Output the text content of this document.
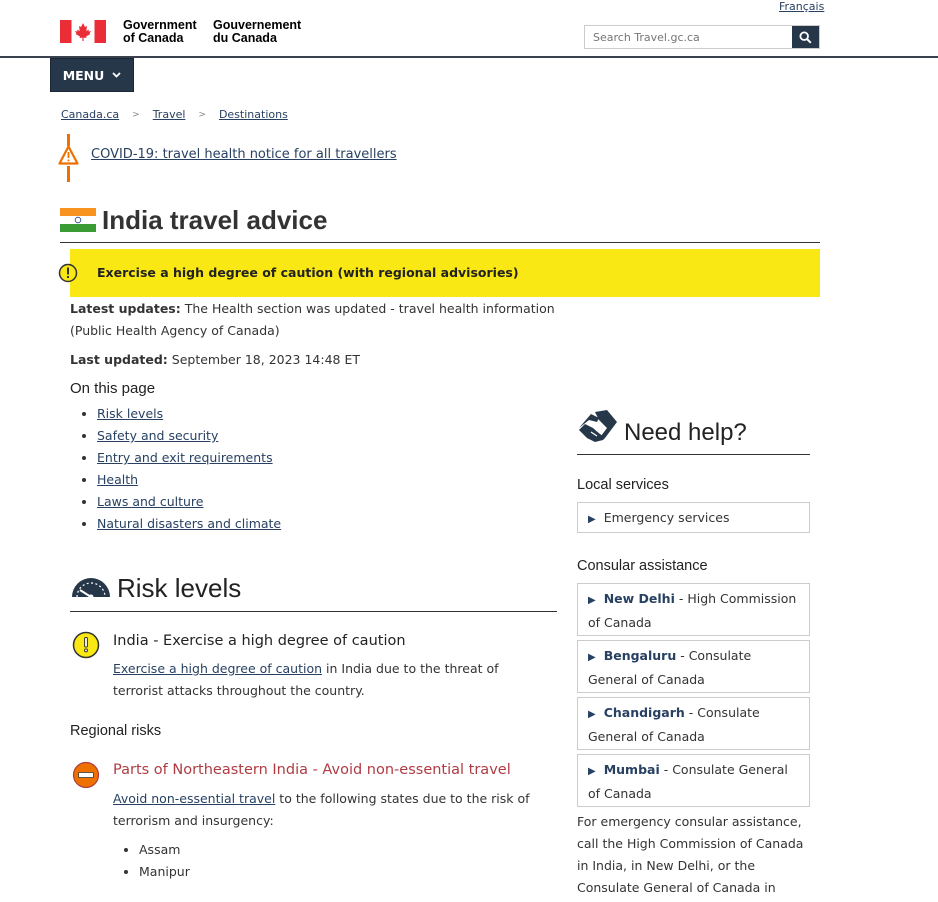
Français
Government
of Canada
Gouvernement
du Canada
Search Travel.gc.ca
MENU
Canada.ca > Travel > Destinations
COVID-19: travel health notice for all travellers
India travel advice
Exercise a high degree of caution (with regional advisories)
Latest updates: The Health section was updated - travel health information (Public Health Agency of Canada)
Last updated: September 18, 2023 14:48 ET
On this page
• Risk levels
• Safety and security
• Entry and exit requirements
• Health
• Laws and culture
• Natural disasters and climate
Risk levels
India - Exercise a high degree of caution
Exercise a high degree of caution in India due to the threat of terrorist attacks throughout the country.
Regional risks
Parts of Northeastern India - Avoid non-essential travel
Avoid non-essential travel to the following states due to the risk of terrorism and insurgency:
• Assam
• Manipur
Need help?
Local services
▶ Emergency services
Consular assistance
▶ New Delhi - High Commission of Canada
▶ Bengaluru - Consulate General of Canada
▶ Chandigarh - Consulate General of Canada
▶ Mumbai - Consulate General of Canada
For emergency consular assistance, call the High Commission of Canada in India, in New Delhi, or the Consulate General of Canada in
